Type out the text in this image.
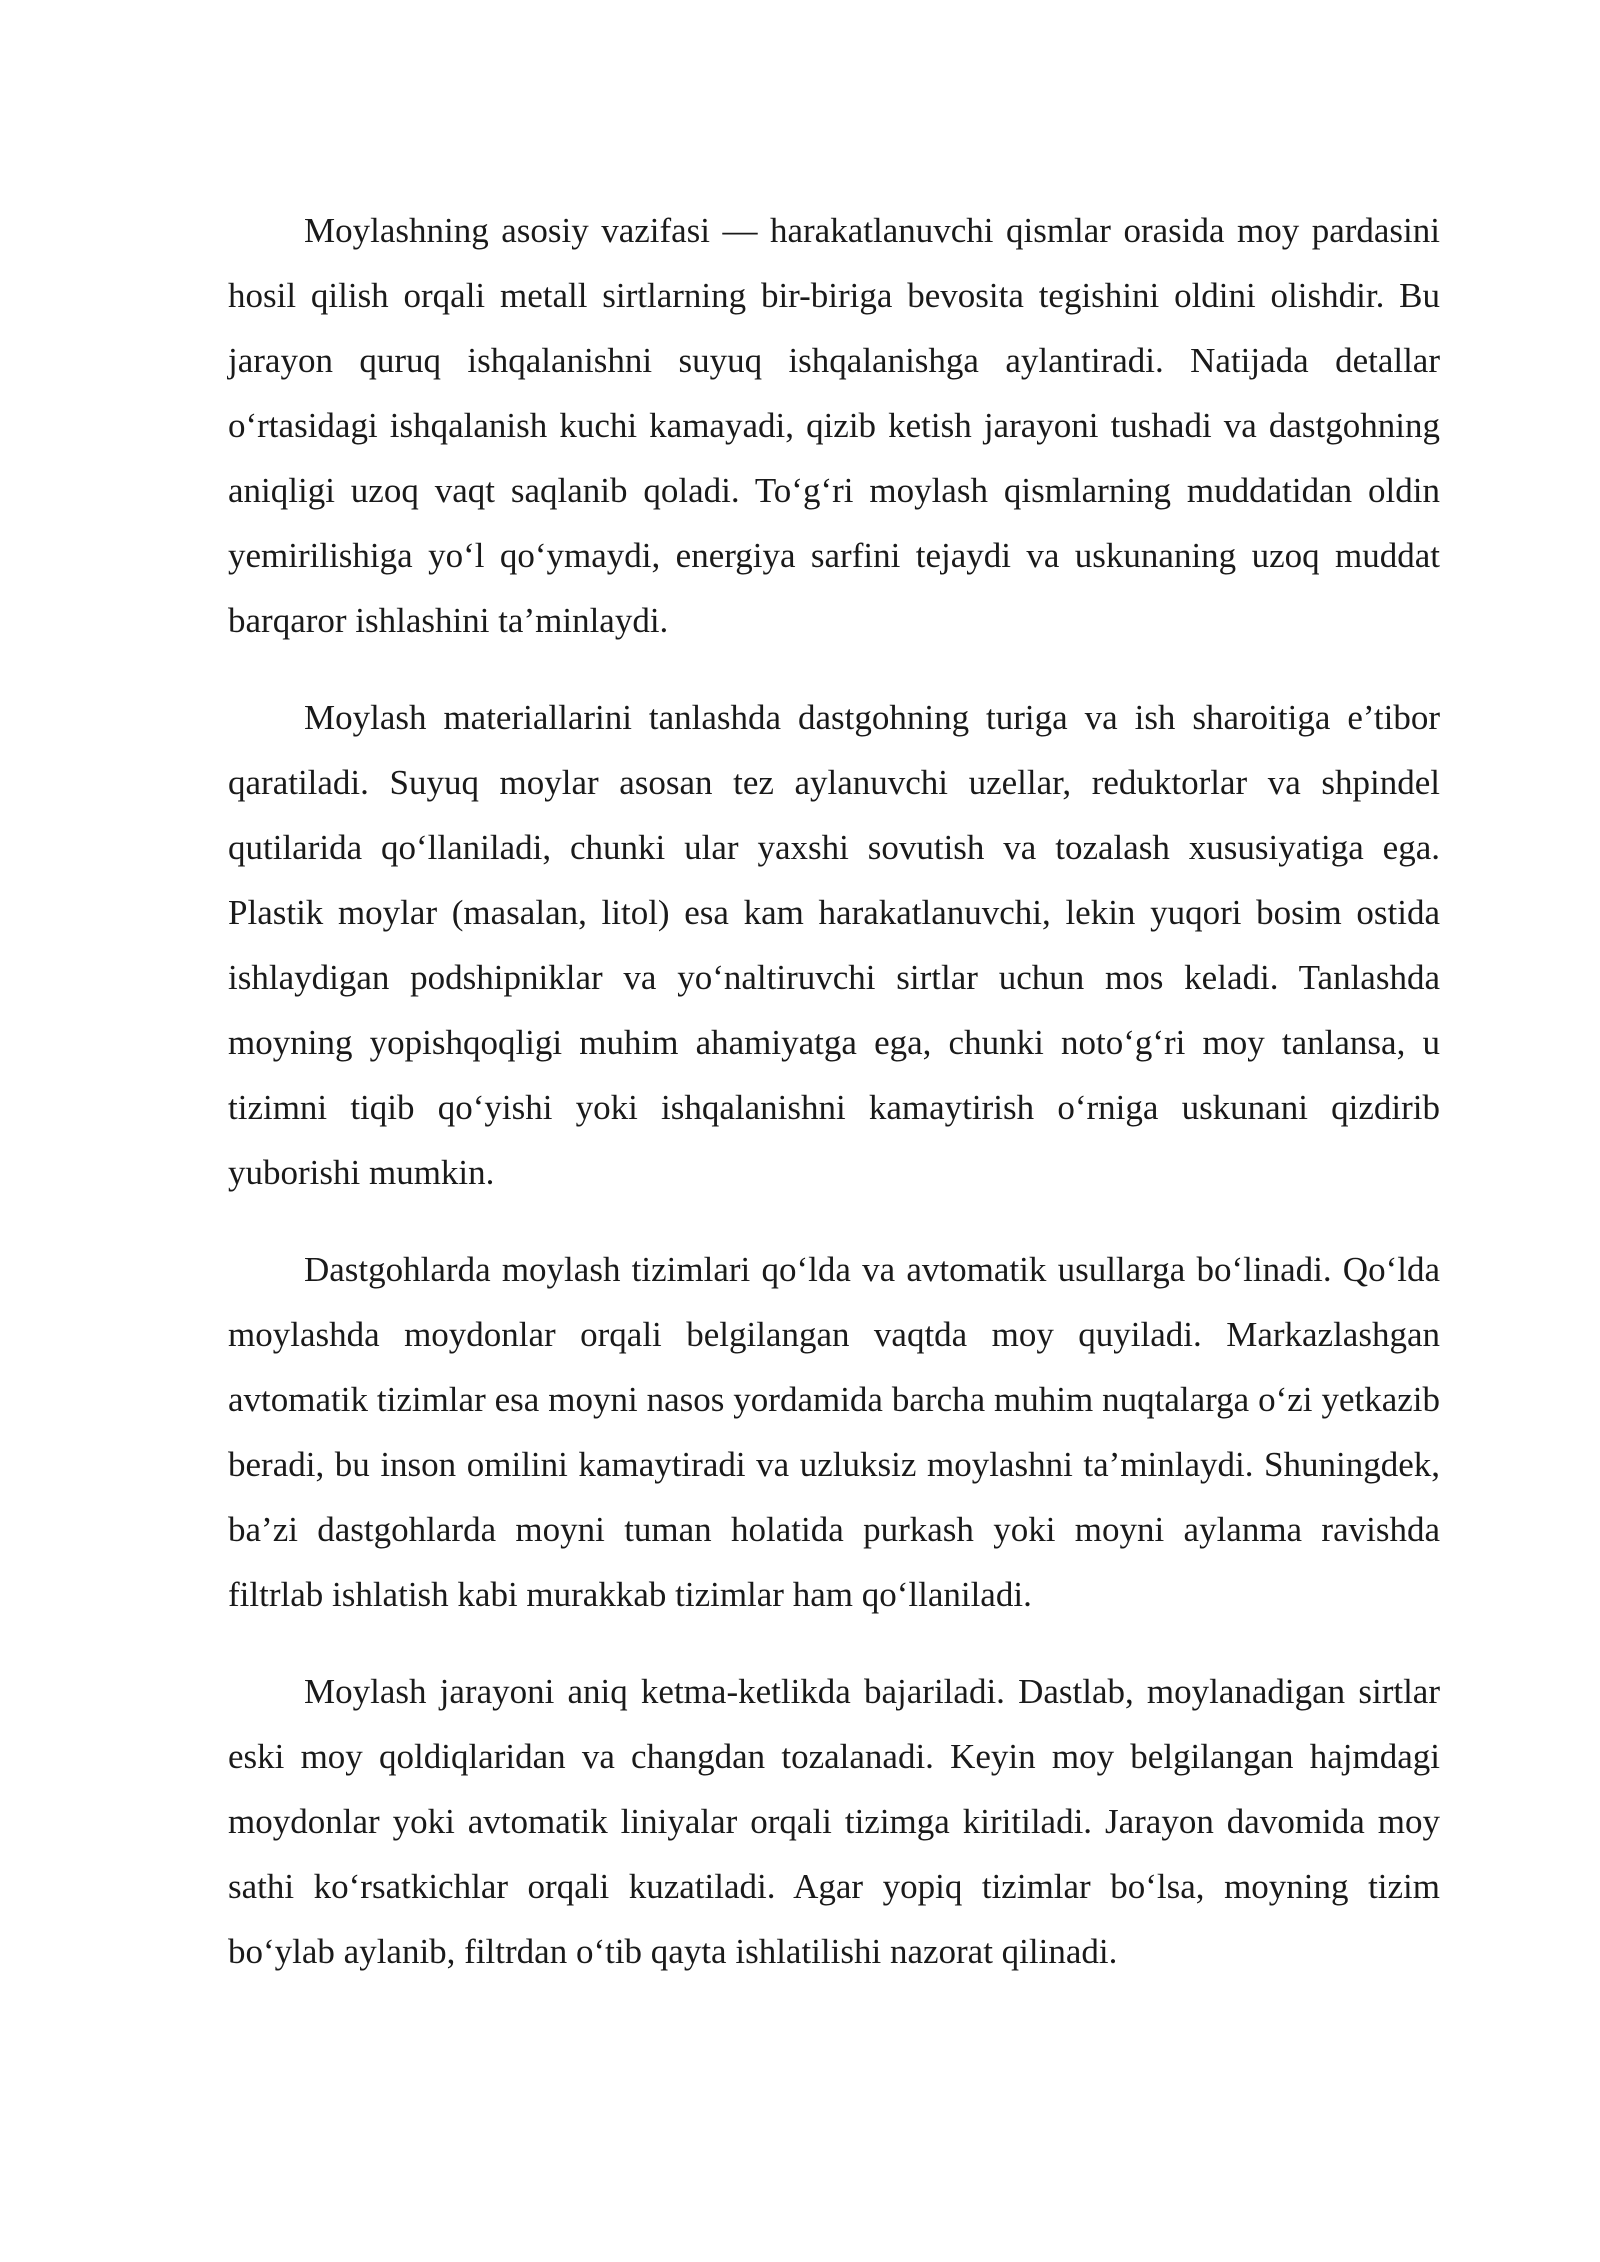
Moylashning asosiy vazifasi — harakatlanuvchi qismlar orasida moy pardasini hosil qilish orqali metall sirtlarning bir-biriga bevosita tegishini oldini olishdir. Bu jarayon quruq ishqalanishni suyuq ishqalanishga aylantiradi. Natijada detallar o‘rtasidagi ishqalanish kuchi kamayadi, qizib ketish jarayoni tushadi va dastgohning aniqligi uzoq vaqt saqlanib qoladi. To‘g‘ri moylash qismlarning muddatidan oldin yemirilishiga yo‘l qo‘ymaydi, energiya sarfini tejaydi va uskunaning uzoq muddat barqaror ishlashini ta’minlaydi.

Moylash materiallarini tanlashda dastgohning turiga va ish sharoitiga e’tibor qaratiladi. Suyuq moylar asosan tez aylanuvchi uzellar, reduktorlar va shpindel qutilarida qo‘llaniladi, chunki ular yaxshi sovutish va tozalash xususiyatiga ega. Plastik moylar (masalan, litol) esa kam harakatlanuvchi, lekin yuqori bosim ostida ishlaydigan podshipniklar va yo‘naltiruvchi sirtlar uchun mos keladi. Tanlashda moyning yopishqoqligi muhim ahamiyatga ega, chunki noto‘g‘ri moy tanlansa, u tizimni tiqib qo‘yishi yoki ishqalanishni kamaytirish o‘rniga uskunani qizdirib yuborishi mumkin.

Dastgohlarda moylash tizimlari qo‘lda va avtomatik usullarga bo‘linadi. Qo‘lda moylashda moydonlar orqali belgilangan vaqtda moy quyiladi. Markazlashgan avtomatik tizimlar esa moyni nasos yordamida barcha muhim nuqtalarga o‘zi yetkazib beradi, bu inson omilini kamaytiradi va uzluksiz moylashni ta’minlaydi. Shuningdek, ba’zi dastgohlarda moyni tuman holatida purkash yoki moyni aylanma ravishda filtrlab ishlatish kabi murakkab tizimlar ham qo‘llaniladi.

Moylash jarayoni aniq ketma-ketlikda bajariladi. Dastlab, moylanadigan sirtlar eski moy qoldiqlaridan va changdan tozalanadi. Keyin moy belgilangan hajmdagi moydonlar yoki avtomatik liniyalar orqali tizimga kiritiladi. Jarayon davomida moy sathi ko‘rsatkichlar orqali kuzatiladi. Agar yopiq tizimlar bo‘lsa, moyning tizim bo‘ylab aylanib, filtrdan o‘tib qayta ishlatilishi nazorat qilinadi.
